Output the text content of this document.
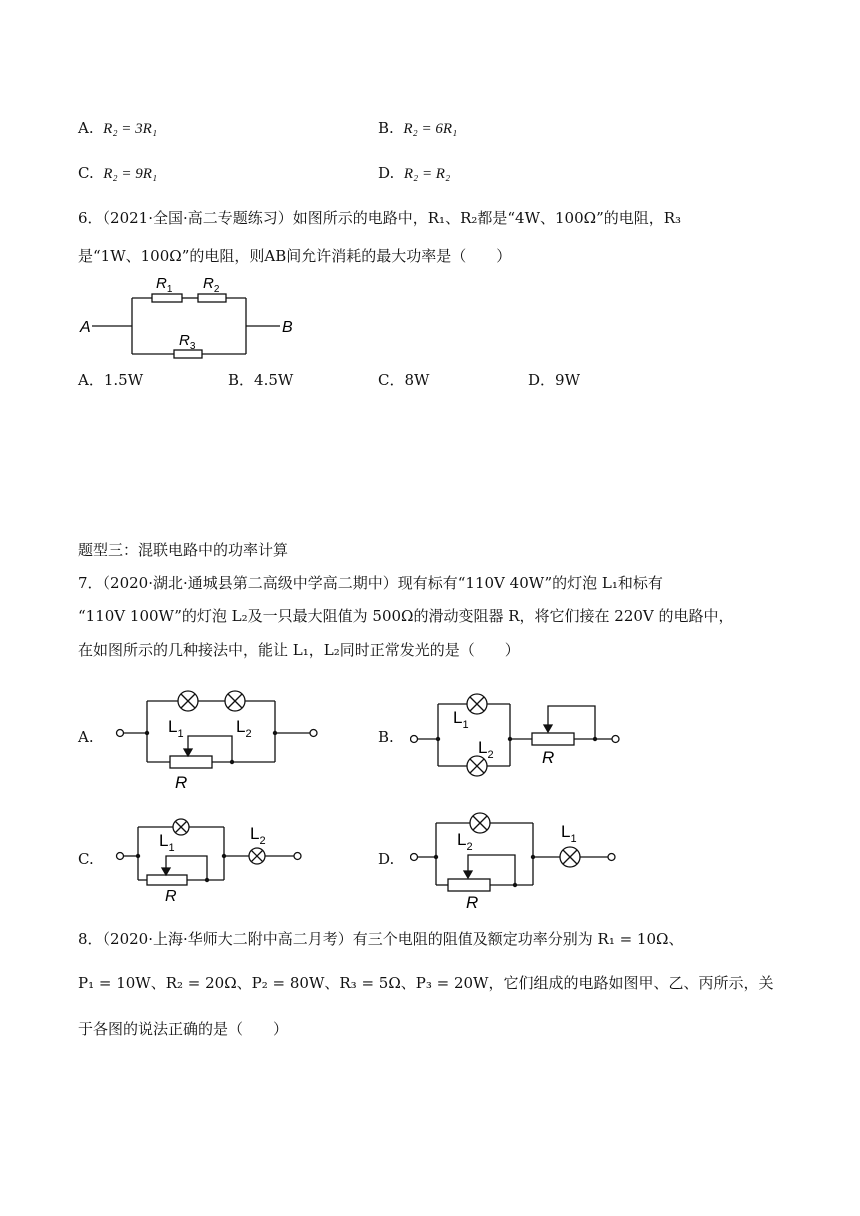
A. R₂ = 3R₁	B. R₂ = 6R₁
C. R₂ = 9R₁	D. R₂ = R₂
6．（2021·全国·高二专题练习）如图所示的电路中，R₁、R₂都是“4W、100Ω”的电阻，R₃
是“1W、100Ω”的电阻，则AB间允许消耗的最大功率是（　　）
A	B
$R_1$ $R_2$
$R_3$
A．1.5W	B．4.5W	C．8W	D．9W
题型三：混联电路中的功率计算
7．（2020·湖北·通城县第二高级中学高二期中）现有标有“110V 40W”的灯泡 L₁和标有
“110V 100W”的灯泡 L₂及一只最大阻值为 500Ω的滑动变阻器 R，将它们接在 220V 的电路中，
在如图所示的几种接法中，能让 L₁，L₂同时正常发光的是（　　）
A.	B.
C.	D.
$L_1$	$L_2$
R
$L_1$
$L_2$	R
$L_1$
$L_2$
R
$L_2$
$L_1$
R
8．（2020·上海·华师大二附中高二月考）有三个电阻的阻值及额定功率分别为 R₁ = 10Ω、
P₁ = 10W、R₂ = 20Ω、P₂ = 80W、R₃ = 5Ω、P₃ = 20W，它们组成的电路如图甲、乙、丙所示，关
于各图的说法正确的是（　　）
